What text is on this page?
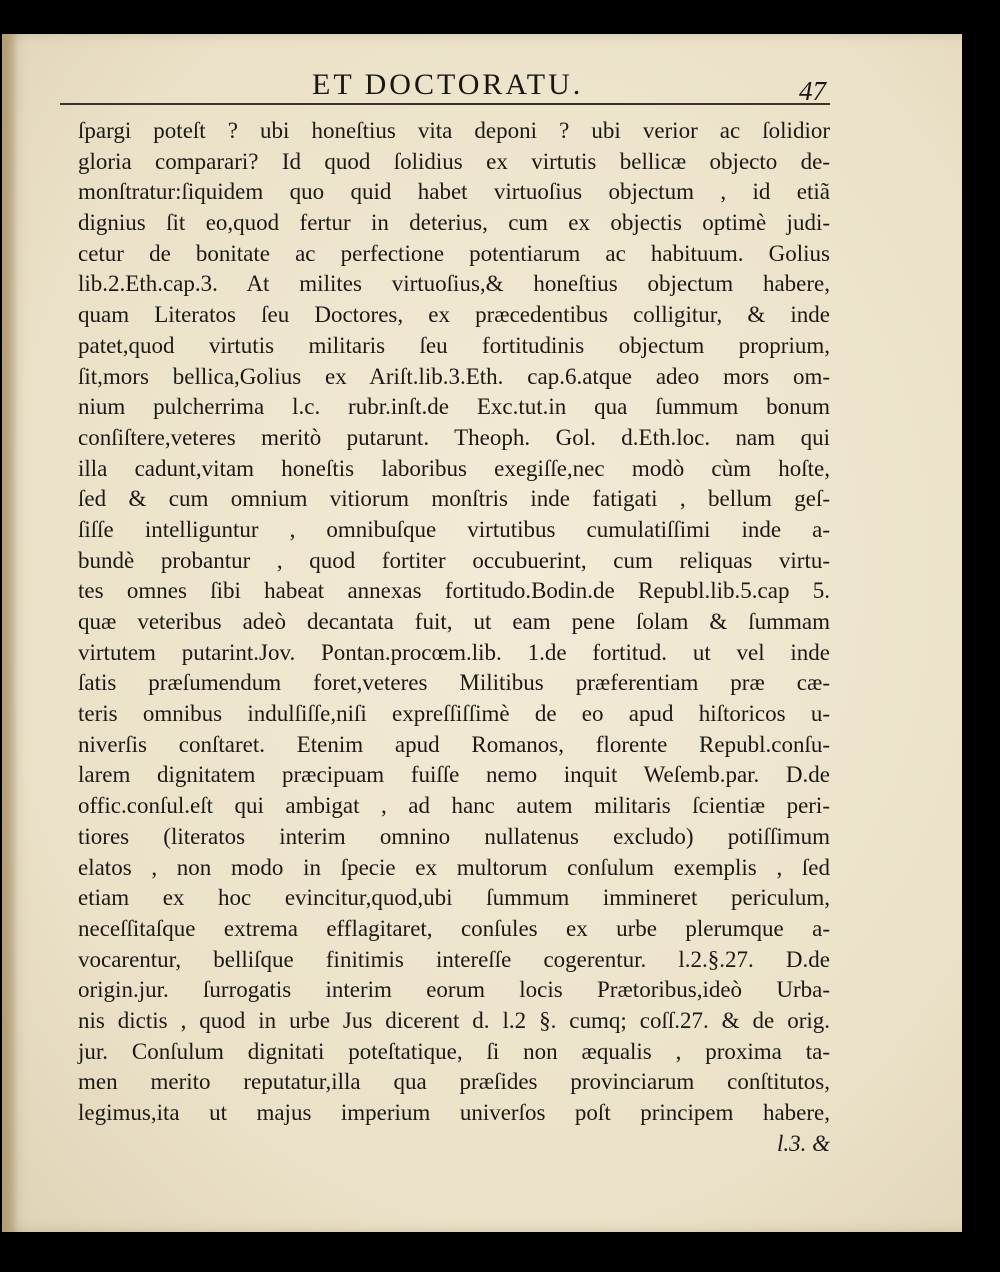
ET DOCTORATU.	47
ſpargi poteſt ? ubi honeſtius vita deponi ? ubi verior ac ſolidior
gloria comparari? Id quod ſolidius ex virtutis bellicæ objecto de-
monſtratur:ſiquidem quo quid habet virtuoſius objectum , id etiã
dignius ſit eo,quod fertur in deterius, cum ex objectis optimè judi-
cetur de bonitate ac perfectione potentiarum ac habituum. Golius
lib.2.Eth.cap.3. At milites virtuoſius,& honeſtius objectum habere,
quam Literatos ſeu Doctores, ex præcedentibus colligitur, & inde
patet,quod virtutis militaris ſeu fortitudinis objectum proprium,
ſit,mors bellica,Golius ex Ariſt.lib.3.Eth. cap.6.atque adeo mors om-
nium pulcherrima l.c. rubr.inſt.de Exc.tut.in qua ſummum bonum
conſiſtere,veteres meritò putarunt. Theoph. Gol. d.Eth.loc. nam qui
illa cadunt,vitam honeſtis laboribus exegiſſe,nec modò cùm hoſte,
ſed & cum omnium vitiorum monſtris inde fatigati , bellum geſ-
ſiſſe intelliguntur , omnibuſque virtutibus cumulatiſſimi inde a-
bundè probantur , quod fortiter occubuerint, cum reliquas virtu-
tes omnes ſibi habeat annexas fortitudo.Bodin.de Republ.lib.5.cap 5.
quæ veteribus adeò decantata fuit, ut eam pene ſolam & ſummam
virtutem putarint.Jov. Pontan.procœm.lib. 1.de fortitud. ut vel inde
ſatis præſumendum foret,veteres Militibus præferentiam præ cæ-
teris omnibus indulſiſſe,niſi expreſſiſſimè de eo apud hiſtoricos u-
niverſis conſtaret. Etenim apud Romanos, florente Republ.conſu-
larem dignitatem præcipuam fuiſſe nemo inquit Weſemb.par. D.de
offic.conſul.eſt qui ambigat , ad hanc autem militaris ſcientiæ peri-
tiores (literatos interim omnino nullatenus excludo) potiſſimum
elatos , non modo in ſpecie ex multorum conſulum exemplis , ſed
etiam ex hoc evincitur,quod,ubi ſummum immineret periculum,
neceſſitaſque extrema efflagitaret, conſules ex urbe plerumque a-
vocarentur, belliſque finitimis intereſſe cogerentur. l.2.§.27. D.de
origin.jur. ſurrogatis interim eorum locis Prætoribus,ideò Urba-
nis dictis , quod in urbe Jus dicerent d. l.2 §. cumq; coſſ.27. & de orig.
jur. Conſulum dignitati poteſtatique, ſi non æqualis , proxima ta-
men merito reputatur,illa qua præſides provinciarum conſtitutos,
legimus,ita ut majus imperium univerſos poſt principem habere,
l.3. &
